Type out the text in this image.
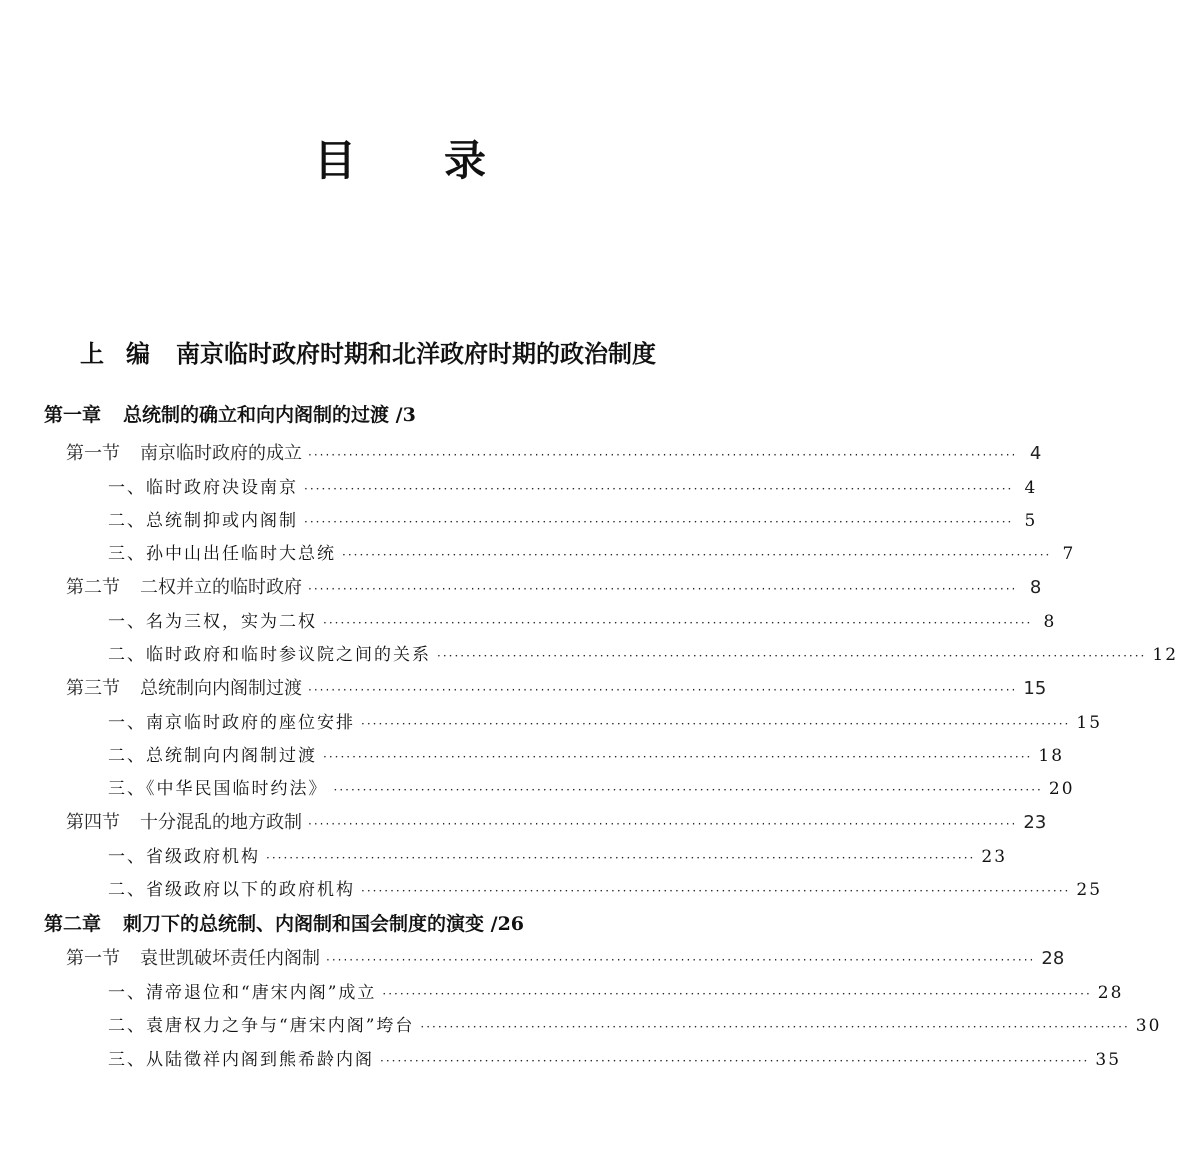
目 录
上 编 南京临时政府时期和北洋政府时期的政治制度
第一章 总统制的确立和向内阁制的过渡 /3
第一节 南京临时政府的成立 ·························································································································· 4
一、临时政府决设南京 ·························································································································· 4
二、总统制抑或内阁制 ·························································································································· 5
三、孙中山出任临时大总统 ·························································································································· 7
第二节 二权并立的临时政府 ·························································································································· 8
一、名为三权，实为二权 ·························································································································· 8
二、临时政府和临时参议院之间的关系 ·························································································································· 12
第三节 总统制向内阁制过渡 ·························································································································· 15
一、南京临时政府的座位安排 ·························································································································· 15
二、总统制向内阁制过渡 ·························································································································· 18
三、《中华民国临时约法》 ·························································································································· 20
第四节 十分混乱的地方政制 ·························································································································· 23
一、省级政府机构 ·························································································································· 23
二、省级政府以下的政府机构 ·························································································································· 25
第二章 刺刀下的总统制、内阁制和国会制度的演变 /26
第一节 袁世凯破坏责任内阁制 ·························································································································· 28
一、清帝退位和“唐宋内阁”成立 ·························································································································· 28
二、袁唐权力之争与“唐宋内阁”垮台 ·························································································································· 30
三、从陆徵祥内阁到熊希龄内阁 ·························································································································· 35
